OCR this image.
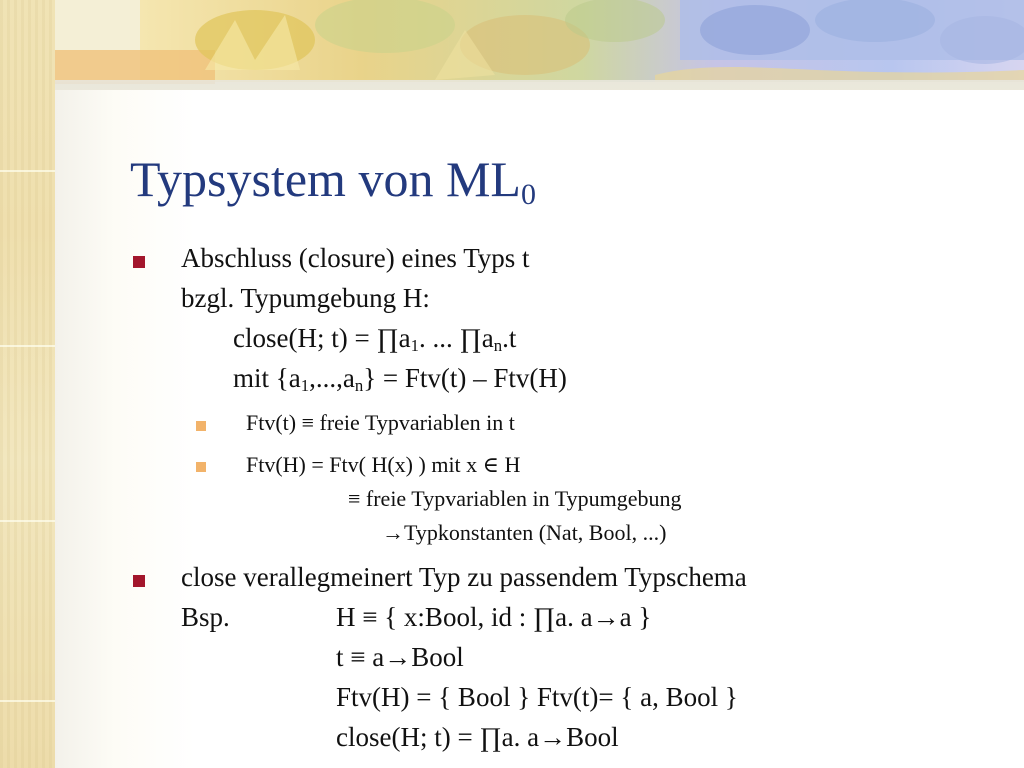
Typsystem von $ML_0$
Abschluss (closure) eines Typs t
bzgl. Typumgebung H:
close(H; $t) = \prod a_1$. ... $\prod a_n.t$
mit $\{a_1,...,a_n\} = Ftv(t) - Ftv(H)$
Ftv(t) ≡ freie Typvariablen in t
Ftv(H) = Ftv( H(x) ) mit x ∈ H
≡ freie Typvariablen in Typumgebung
→Typkonstanten (Nat, Bool, ...)
close verallegmeinert Typ zu passendem Typschema
Bsp.	H ≡ { x:Bool, id : ∏a. a→a }
t ≡ a→Bool
Ftv(H) = { Bool } Ftv(t)= { a, Bool }
close(H; t) = ∏a. a→Bool
